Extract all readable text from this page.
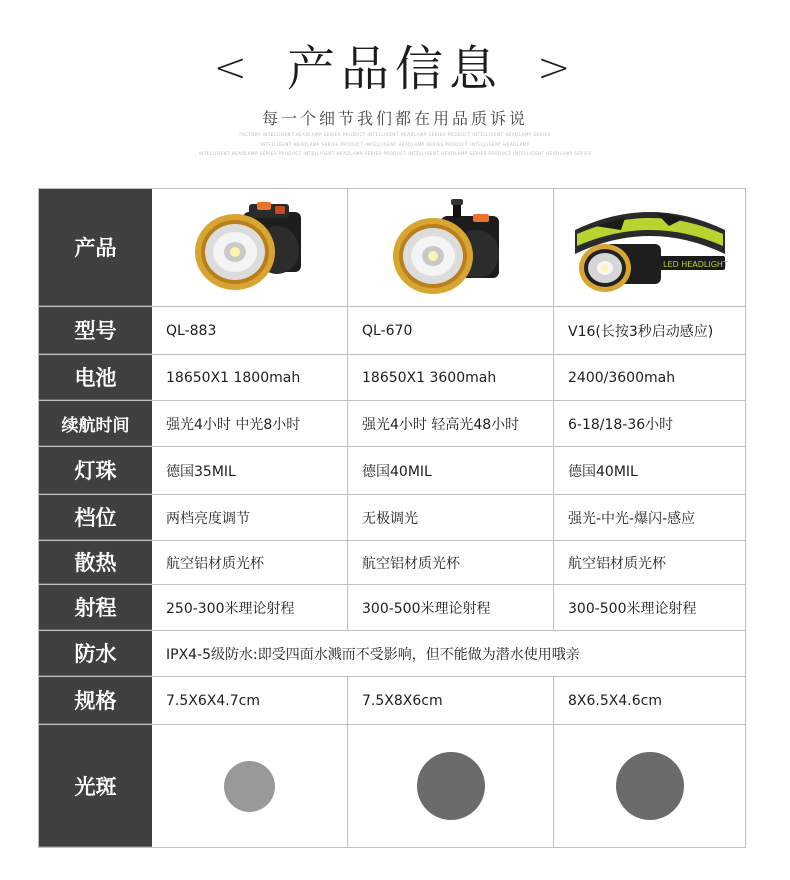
< 产品信息 >
每一个细节我们都在用品质诉说
FACTORY INTELLIGENT HEADLAMP SERIES PRODUCT INTELLIGENT HEADLAMP SERIES PRODUCT INTELLIGENT HEADLAMP SERIES
INTELLIGENT HEADLAMP SERIES PRODUCT INTELLIGENT HEADLAMP SERIES PRODUCT INTELLIGENT HEADLAMP
INTELLIGENT HEADLAMP SERIES PRODUCT INTELLIGENT HEADLAMP SERIES PRODUCT INTELLIGENT HEADLAMP SERIES PRODUCT INTELLIGENT HEADLAMP SERIES
产品
LED HEADLIGHT
型号	QL-883	QL-670	V16(长按3秒启动感应)
电池	18650X1 1800mah	18650X1 3600mah	2400/3600mah
续航时间	强光4小时 中光8小时	强光4小时 轻高光48小时	6-18/18-36小时
灯珠	德国35MIL	德国40MIL	德国40MIL
档位	两档亮度调节	无极调光	强光-中光-爆闪-感应
散热	航空铝材质光杯	航空铝材质光杯	航空铝材质光杯
射程	250-300米理论射程	300-500米理论射程	300-500米理论射程
防水	IPX4-5级防水:即受四面水溅而不受影响，但不能做为潜水使用哦亲
规格	7.5X6X4.7cm	7.5X8X6cm	8X6.5X4.6cm
光斑
